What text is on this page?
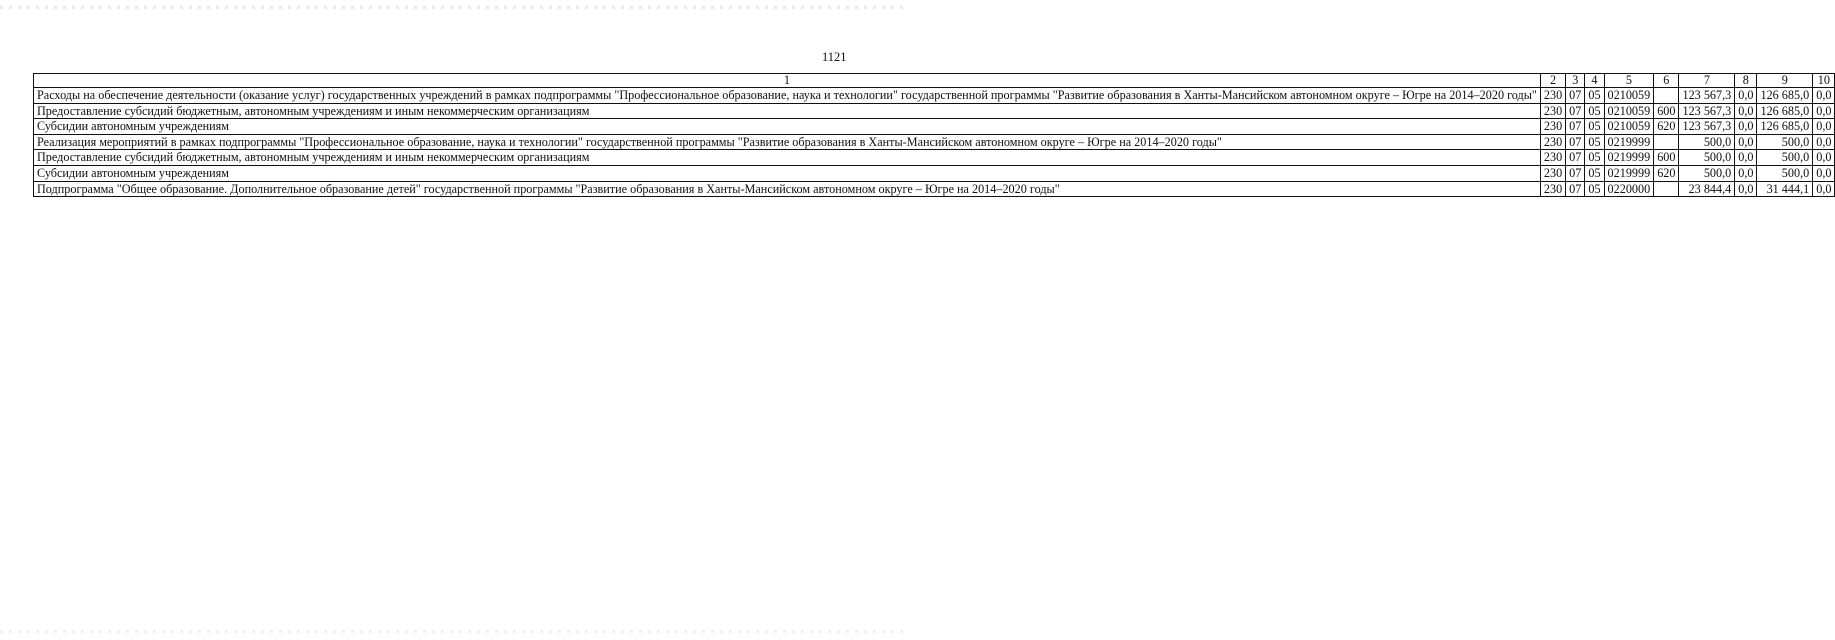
1121
1	2	3	4	5	6	7	8	9	10
Расходы на обеспечение деятельности (оказание услуг) государственных учреждений в рамках подпрограммы "Профессиональное образование, наука и технологии" государственной программы "Развитие образования в Ханты-Мансийском автономном округе – Югре на 2014–2020 годы"	230	07	05	0210059		123 567,3	0,0	126 685,0	0,0
Предоставление субсидий бюджетным, автономным учреждениям и иным некоммерческим организациям	230	07	05	0210059	600	123 567,3	0,0	126 685,0	0,0
Субсидии автономным учреждениям	230	07	05	0210059	620	123 567,3	0,0	126 685,0	0,0
Реализация мероприятий в рамках подпрограммы "Профессиональное образование, наука и технологии" государственной программы "Развитие образования в Ханты-Мансийском автономном округе – Югре на 2014–2020 годы"	230	07	05	0219999		500,0	0,0	500,0	0,0
Предоставление субсидий бюджетным, автономным учреждениям и иным некоммерческим организациям	230	07	05	0219999	600	500,0	0,0	500,0	0,0
Субсидии автономным учреждениям	230	07	05	0219999	620	500,0	0,0	500,0	0,0
Подпрограмма "Общее образование. Дополнительное образование детей" государственной программы "Развитие образования в Ханты-Мансийском автономном округе – Югре на 2014–2020 годы"	230	07	05	0220000		23 844,4	0,0	31 444,1	0,0
